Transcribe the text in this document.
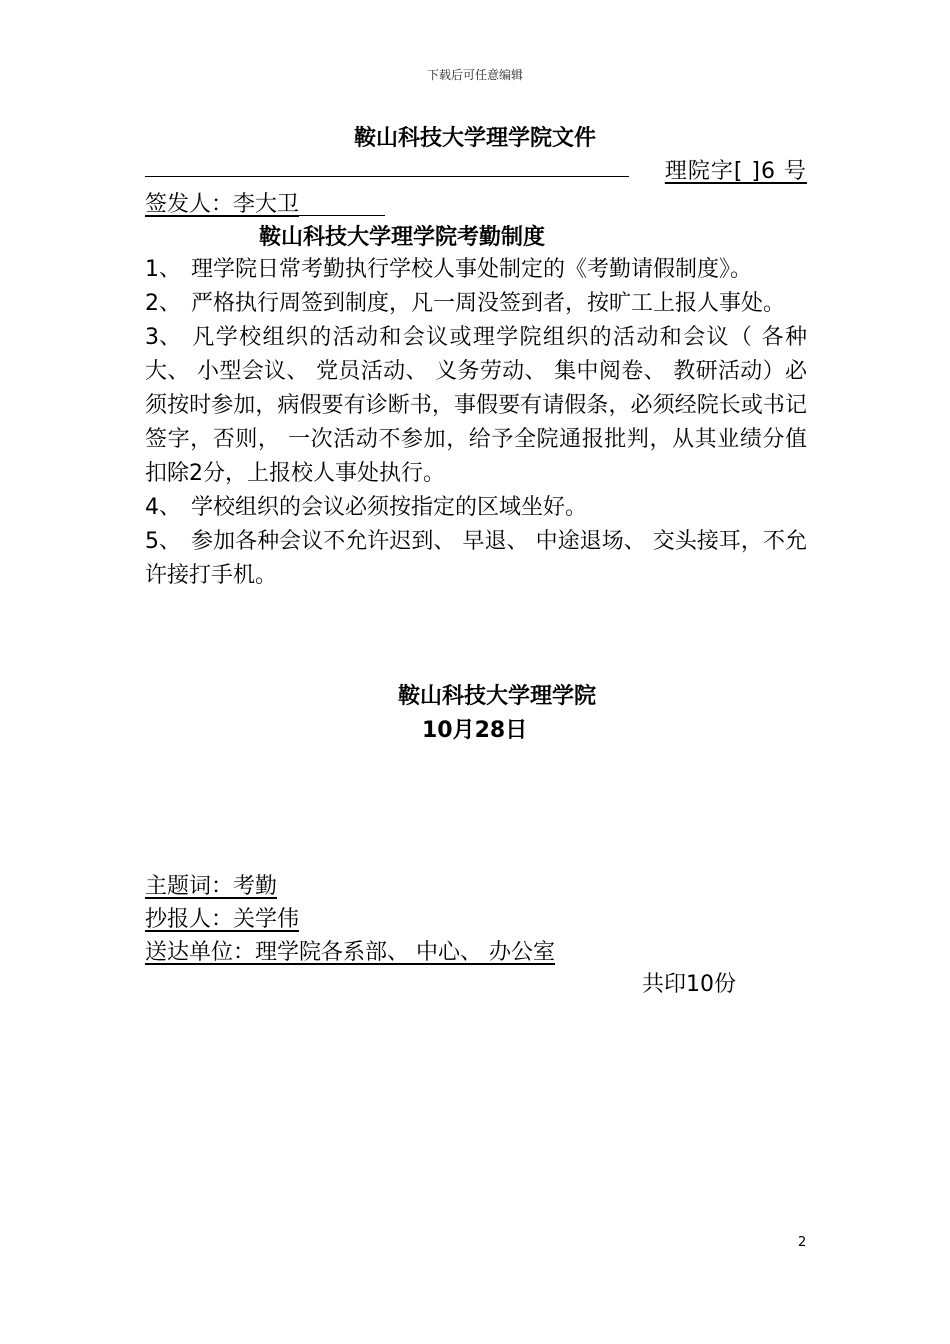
下载后可任意编辑
鞍山科技大学理学院文件
理院字[ ]6 号
签发人：李大卫
鞍山科技大学理学院考勤制度

1、 理学院日常考勤执行学校人事处制定的《考勤请假制度》。

2、 严格执行周签到制度，凡一周没签到者，按旷工上报人事处。

3、 凡学校组织的活动和会议或理学院组织的活动和会议（ 各种大、 小型会议、 党员活动、 义务劳动、 集中阅卷、 教研活动）必须按时参加，病假要有诊断书，事假要有请假条，必须经院长或书记签字，否则， 一次活动不参加，给予全院通报批判，从其业绩分值扣除2分，上报校人事处执行。

4、 学校组织的会议必须按指定的区域坐好。

5、 参加各种会议不允许迟到、 早退、 中途退场、 交头接耳，不允许接打手机。

鞍山科技大学理学院
10月28日
主题词：考勤
抄报人：关学伟
送达单位：理学院各系部、 中心、 办公室
共印10份
2
